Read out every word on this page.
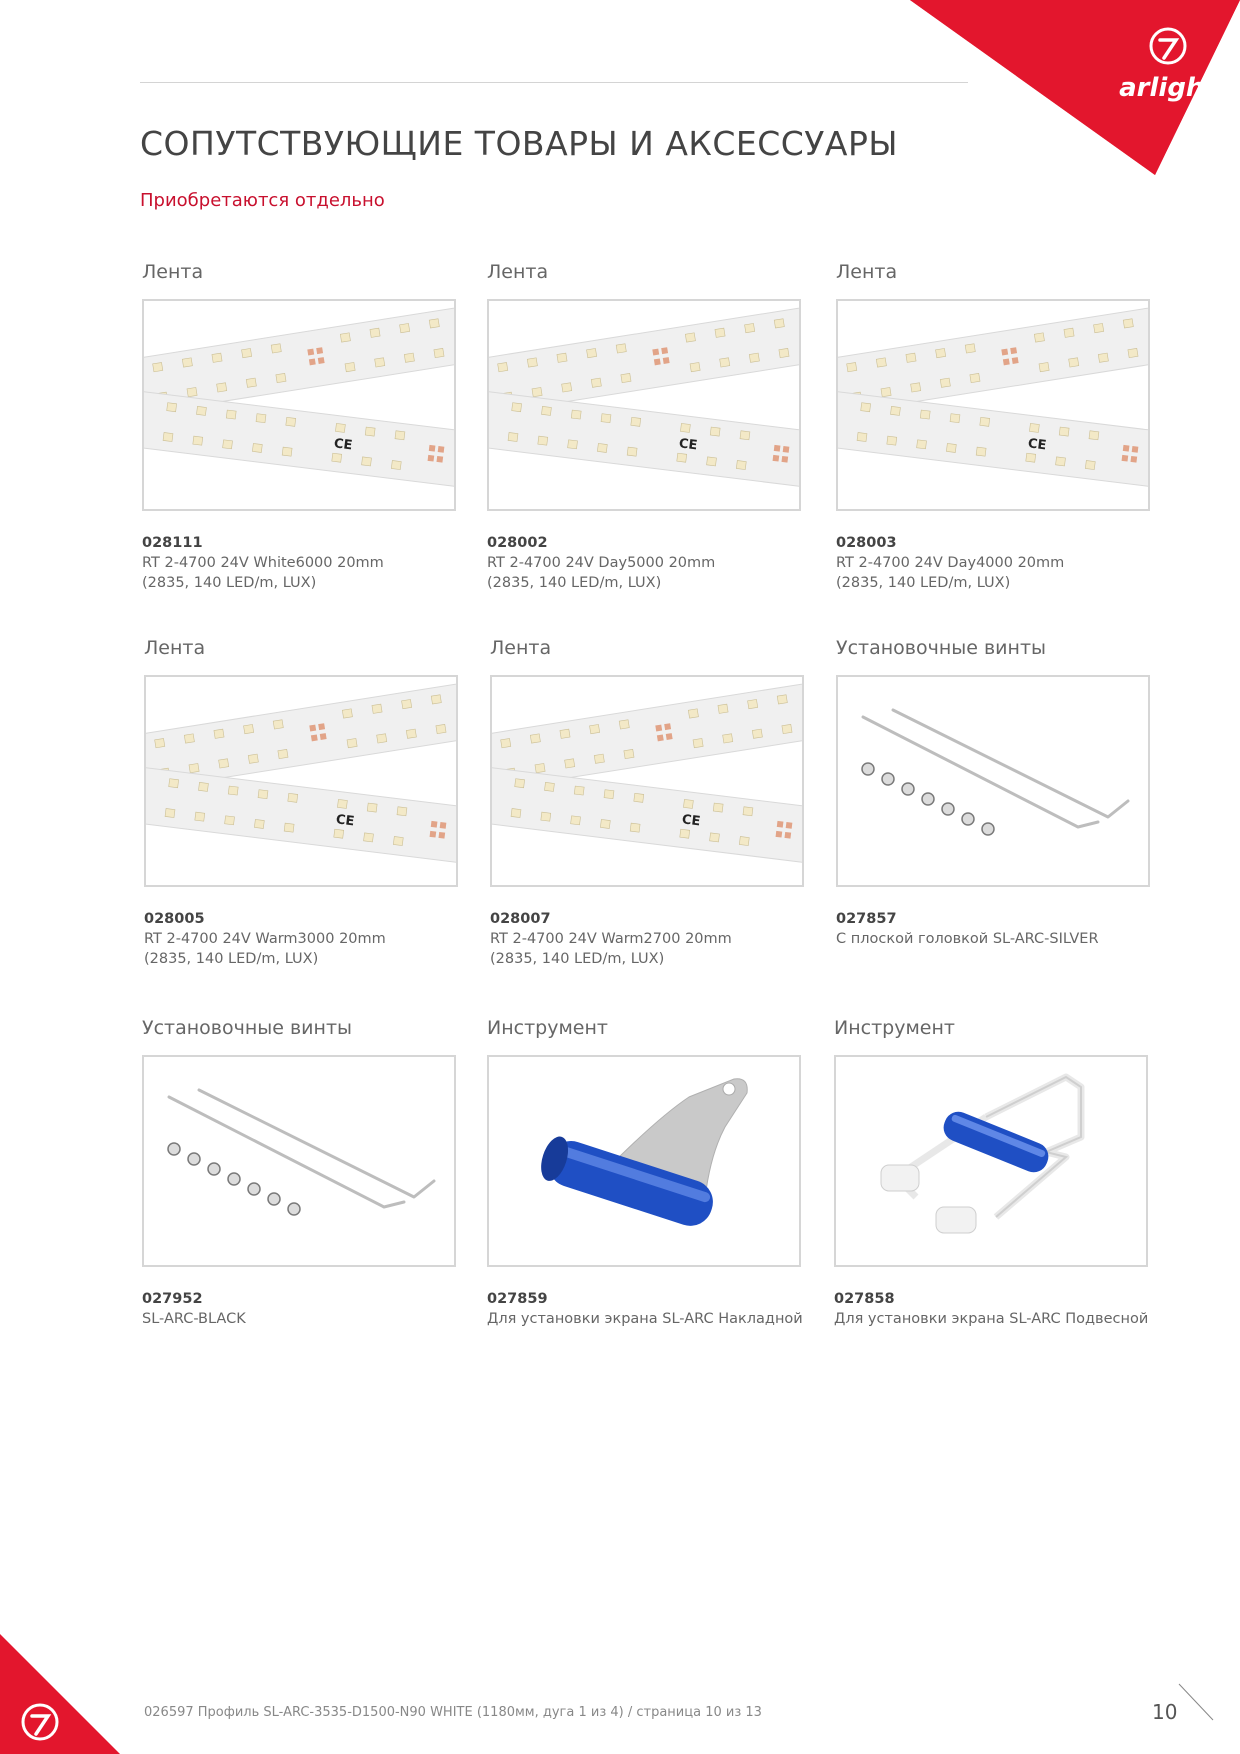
arlight
СОПУТСТВУЮЩИЕ ТОВАРЫ И АКСЕССУАРЫ
Приобретаются отдельно
Лента
028111
RT 2-4700 24V White6000 20mm
(2835, 140 LED/m, LUX)
Лента
028002
RT 2-4700 24V Day5000 20mm
(2835, 140 LED/m, LUX)
Лента
028003
RT 2-4700 24V Day4000 20mm
(2835, 140 LED/m, LUX)
Лента
028005
RT 2-4700 24V Warm3000 20mm
(2835, 140 LED/m, LUX)
Лента
028007
RT 2-4700 24V Warm2700 20mm
(2835, 140 LED/m, LUX)
Установочные винты
027857
С плоской головкой SL-ARC-SILVER
Установочные винты
027952
SL-ARC-BLACK
Инструмент
027859
Для установки экрана SL-ARC Накладной
Инструмент
027858
Для установки экрана SL-ARC Подвесной
026597 Профиль SL-ARC-3535-D1500-N90 WHITE (1180мм, дуга 1 из 4) / страница 10 из 13	10
